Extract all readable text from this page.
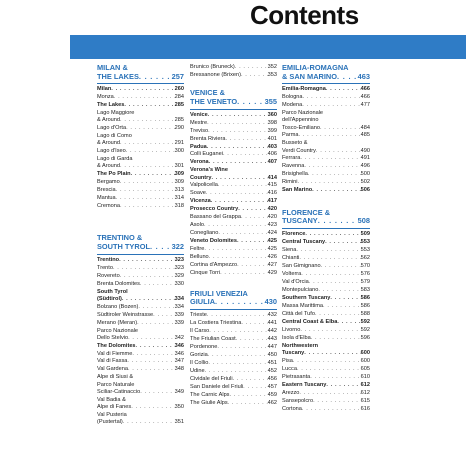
Contents
MILAN &
THE LAKES . . .	257
Milan . . .	260
Monza . . .	284
The Lakes . . .	285
Lago Maggiore
& Around . . .	285
Lago d'Orta . . .	290
Lago di Como
& Around . . .	291
Lago d'Iseo . . .	300
Lago di Garda
& Around . . .	301
The Po Plain . . .	309
Bergamo . . .	309
Brescia . . .	313
Mantua . . .	314
Cremona . . .	318
TRENTINO &
SOUTH TYROL . . .	322
Trentino . . .	323
Trento . . .	323
Rovereto . . .	329
Brenta Dolomites . . .	330
South Tyrol
(Südtirol) . . .	334
Bolzano (Bozen) . . .	334
Südtiroler Weinstrasse . . .	339
Merano (Meran) . . .	339
Parco Nazionale
Dello Stelvio . . .	342
The Dolomites . . .	346
Val di Fiemme . . .	346
Val di Fassa . . .	347
Val Gardena . . .	348
Alpe di Siusi &
Parco Naturale
Sciliar-Catinaccio . . .	349
Val Badia &
Alpe di Fanes . . .	350
Val Pusteria
(Pustertal) . . .	351
Brunico (Bruneck) . . .	352
Bressanone (Brixen) . . .	353
VENICE &
THE VENETO . . .	355
Venice . . .	360
Mestre . . .	398
Treviso . . .	399
Brenta Riviera . . .	401
Padua . . .	403
Colli Euganei . . .	406
Verona . . .	407
Verona's Wine
Country . . .	414
Valpolicella . . .	415
Soave . . .	416
Vicenza . . .	417
Prosecco Country . . .	420
Bassano del Grappa . . .	420
Asolo . . .	423
Conegliano . . .	424
Veneto Dolomites . . .	425
Feltre . . .	425
Belluno . . .	426
Cortina d'Ampezzo . . .	427
Cinque Torri . . .	429
FRIULI VENEZIA
GIULIA . . .	430
Trieste . . .	432
La Costiera Triestina . . .	441
Il Carso . . .	442
The Friulian Coast . . .	443
Pordenone . . .	447
Gorizia . . .	450
Il Collio . . .	451
Udine . . .	452
Cividale del Friuli . . .	456
San Daniele del Friuli . . .	457
The Carnic Alps . . .	459
The Giulie Alps . . .	462
EMILIA-ROMAGNA
& SAN MARINO . . .	463
Emilia-Romagna . . .	466
Bologna . . .	466
Modena . . .	477
Parco Nazionale
dell'Appennino
Tosco-Emiliano . . .	484
Parma . . .	485
Busseto &
Verdi Country . . .	490
Ferrara . . .	491
Ravenna . . .	496
Brisighella . . .	500
Rimini . . .	502
San Marino . . .	506
FLORENCE &
TUSCANY . . .	508
Florence . . .	509
Central Tuscany . . .	553
Siena . . .	553
Chianti . . .	562
San Gimignano . . .	570
Volterra . . .	576
Val d'Orcia . . .	579
Montepulciano . . .	583
Southern Tuscany . . .	586
Massa Marittima . . .	586
Città del Tufo . . .	588
Central Coast & Elba . . .	592
Livorno . . .	592
Isola d'Elba . . .	596
Northwestern
Tuscany . . .	600
Pisa . . .	600
Lucca . . .	605
Pietrasanta . . .	610
Eastern Tuscany . . .	612
Arezzo . . .	612
Sansepolcro . . .	615
Cortona . . .	616
